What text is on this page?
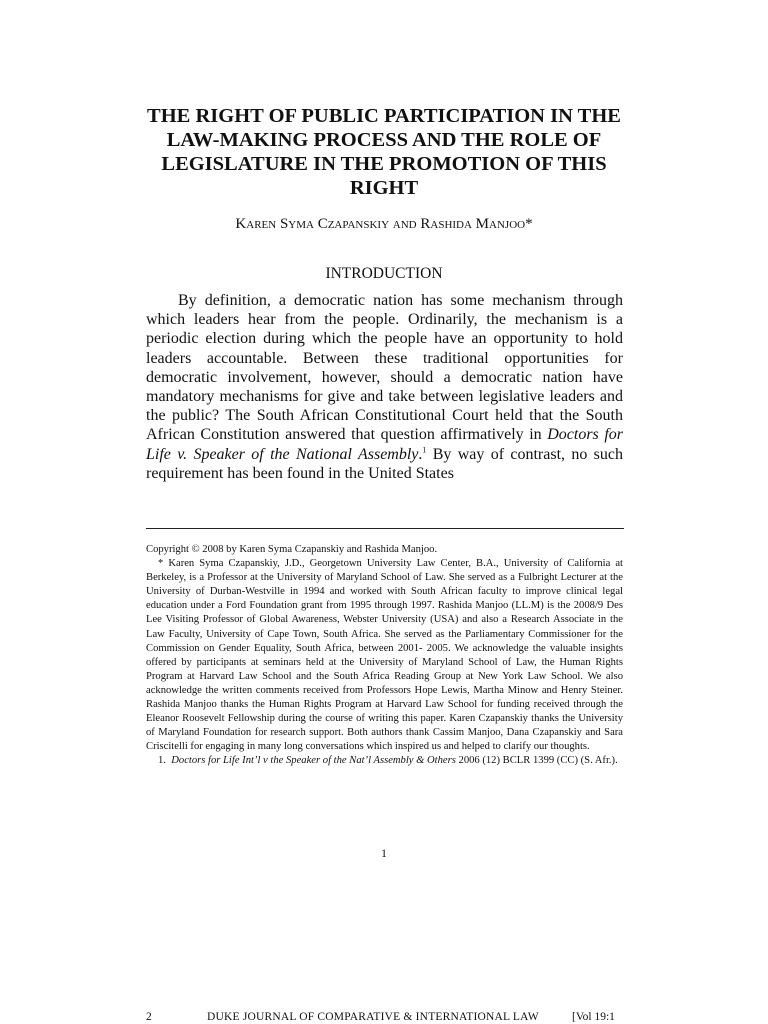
THE RIGHT OF PUBLIC PARTICIPATION IN THE LAW-MAKING PROCESS AND THE ROLE OF LEGISLATURE IN THE PROMOTION OF THIS RIGHT
Karen Syma Czapanskiy and Rashida Manjoo*
INTRODUCTION

By definition, a democratic nation has some mechanism through which leaders hear from the people. Ordinarily, the mechanism is a periodic election during which the people have an opportunity to hold leaders accountable. Between these traditional opportunities for democratic involvement, however, should a democratic nation have mandatory mechanisms for give and take between legislative leaders and the public? The South African Constitutional Court held that the South African Constitution answered that question affirmatively in Doctors for Life v. Speaker of the National Assembly.$^1$ By way of contrast, no such requirement has been found in the United States

Copyright © 2008 by Karen Syma Czapanskiy and Rashida Manjoo.

* Karen Syma Czapanskiy, J.D., Georgetown University Law Center, B.A., University of California at Berkeley, is a Professor at the University of Maryland School of Law. She served as a Fulbright Lecturer at the University of Durban-Westville in 1994 and worked with South African faculty to improve clinical legal education under a Ford Foundation grant from 1995 through 1997. Rashida Manjoo (LL.M) is the 2008/9 Des Lee Visiting Professor of Global Awareness, Webster University (USA) and also a Research Associate in the Law Faculty, University of Cape Town, South Africa. She served as the Parliamentary Commissioner for the Commission on Gender Equality, South Africa, between 2001- 2005. We acknowledge the valuable insights offered by participants at seminars held at the University of Maryland School of Law, the Human Rights Program at Harvard Law School and the South Africa Reading Group at New York Law School. We also acknowledge the written comments received from Professors Hope Lewis, Martha Minow and Henry Steiner. Rashida Manjoo thanks the Human Rights Program at Harvard Law School for funding received through the Eleanor Roosevelt Fellowship during the course of writing this paper. Karen Czapanskiy thanks the University of Maryland Foundation for research support. Both authors thank Cassim Manjoo, Dana Czapanskiy and Sara Criscitelli for engaging in many long conversations which inspired us and helped to clarify our thoughts.

1. Doctors for Life Int’l v the Speaker of the Nat’l Assembly & Others 2006 (12) BCLR 1399 (CC) (S. Afr.).

1
2	DUKE JOURNAL OF COMPARATIVE & INTERNATIONAL LAW	[Vol 19:1
